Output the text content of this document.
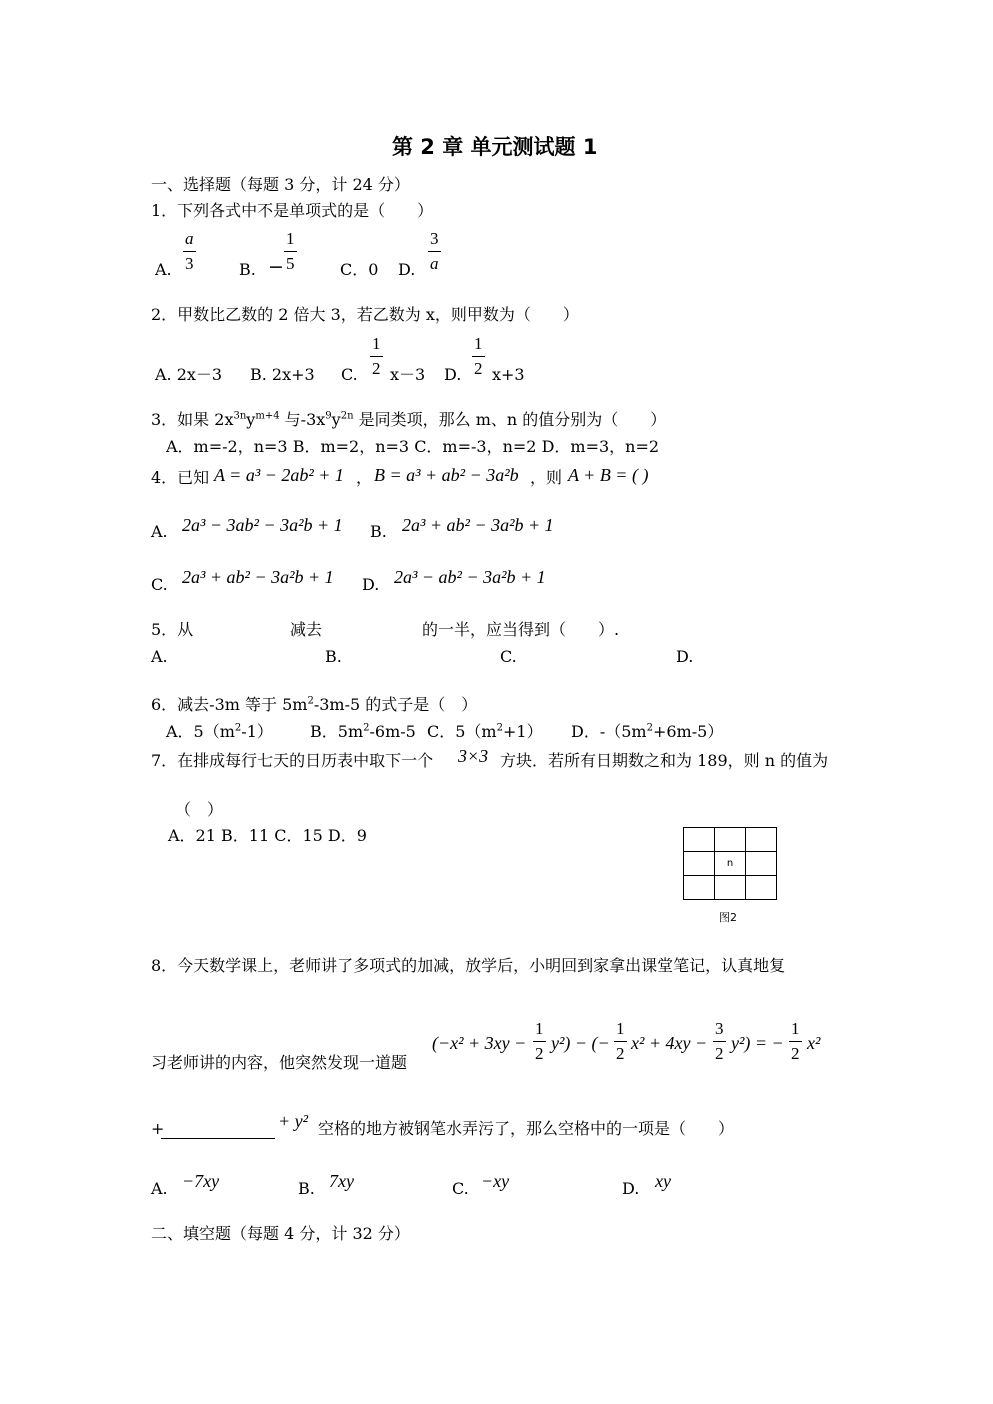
第 2 章 单元测试题 1
一、选择题（每题 3 分，计 24 分）
1．下列各式中不是单项式的是（　　）
A.
a
3	B. −
1
5	C．0 D.
3
a
2．甲数比乙数的 2 倍大 3，若乙数为 x，则甲数为（　　）
A. 2x－3 B. 2x+3 C.
1
2 x－3 D.
1
2 x+3
3．如果 $2x^{3n}y^{m+4}$ 与$-3x^9y^{2n}$ 是同类项，那么 m、n 的值分别为（　　）
A．m=-2，n=3 B．m=2，n=3 C．m=-3，n=2 D．m=3，n=2
4．已知 A = a³ − 2ab² + 1 ， B = a³ + ab² − 3a²b ，则 A + B = ( )
A. 2a³ − 3ab² − 3a²b + 1 B. 2a³ + ab² − 3a²b + 1
C. 2a³ + ab² − 3a²b + 1 D. 2a³ − ab² − 3a²b + 1
5．从	减去	的一半，应当得到（　　）.
A.	B.	C.	D.
6．减去-3m 等于 $5m^2-3m-5$ 的式子是（　）
A．$5(m^2-1)$ B．$5m^2-6m-5$ C．$5(m^2+1)$ D．$-(5m^2+6m-5)$
7．在排成每行七天的日历表中取下一个 3×3 方块．若所有日期数之和为 189，则 n 的值为
（　）
A．21 B．11 C．15 D．9

	n	

图2
8．今天数学课上，老师讲了多项式的加减，放学后，小明回到家拿出课堂笔记，认真地复
习老师讲的内容，他突然发现一道题
(−x² + 3xy −
1
2
y²) − (−
1
2
x² + 4xy −
3
2
y²) = −
1
2
x²
+	+ y² 空格的地方被钢笔水弄污了，那么空格中的一项是（　　）
A. −7xy	B. 7xy	C. −xy	D. xy
二、填空题（每题 4 分，计 32 分）
